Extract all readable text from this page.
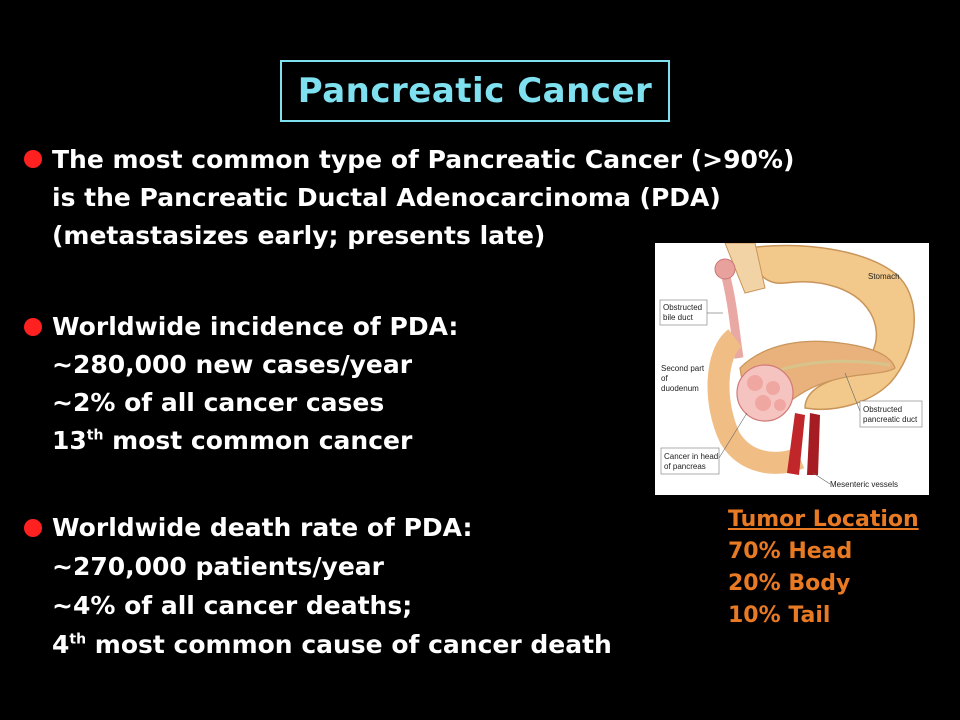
Pancreatic Cancer
The most common type of Pancreatic Cancer (>90%)
is the Pancreatic Ductal Adenocarcinoma (PDA)
(metastasizes early; presents late)
Worldwide incidence of PDA:
~280,000 new cases/year
~2% of all cancer cases
13th most common cancer
Worldwide death rate of PDA:
~270,000 patients/year
~4% of all cancer deaths;
4th most common cause of cancer death
Obstructed
bile duct
Stomach
Second part
of
duodenum
Obstructed
pancreatic duct
Cancer in head
of pancreas
Mesenteric vessels
Tumor Location
70% Head
20% Body
10% Tail
